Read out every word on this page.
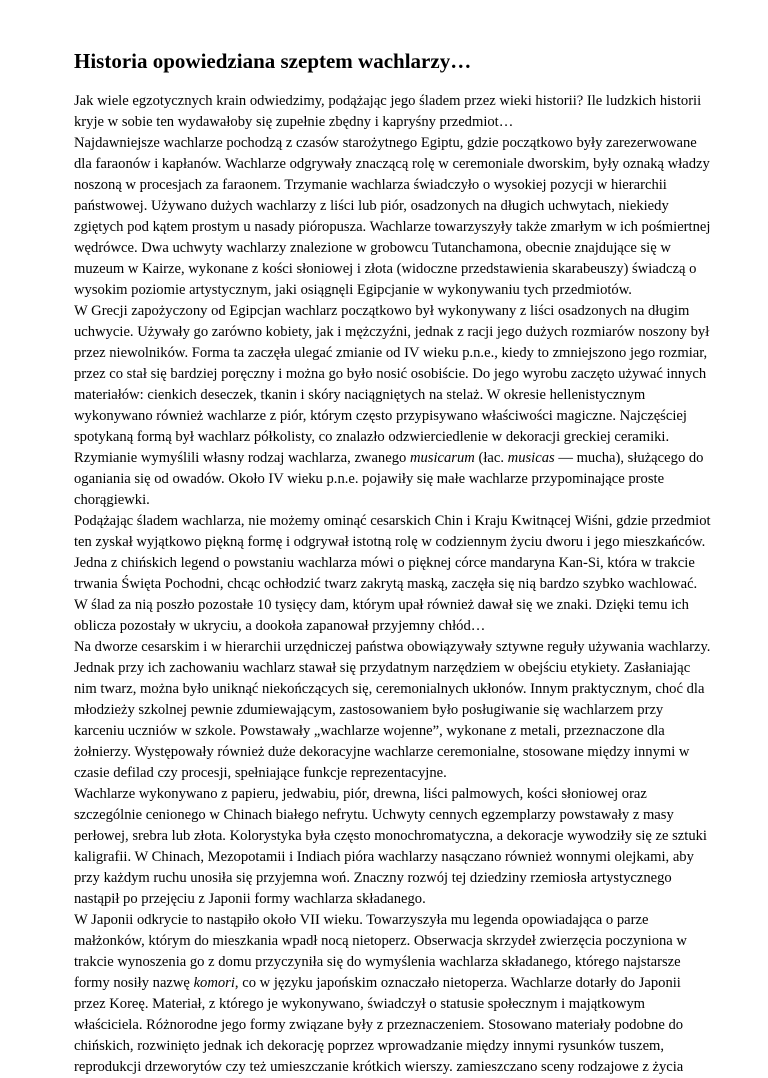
Historia opowiedziana szeptem wachlarzy…

Jak wiele egzotycznych krain odwiedzimy, podążając jego śladem przez wieki historii? Ile ludzkich historii kryje w sobie ten wydawałoby się zupełnie zbędny i kapryśny przedmiot…

Najdawniejsze wachlarze pochodzą z czasów starożytnego Egiptu, gdzie początkowo były zarezerwowane dla faraonów i kapłanów. Wachlarze odgrywały znaczącą rolę w ceremoniale dworskim, były oznaką władzy noszoną w procesjach za faraonem. Trzymanie wachlarza świadczyło o wysokiej pozycji w hierarchii państwowej. Używano dużych wachlarzy z liści lub piór, osadzonych na długich uchwytach, niekiedy zgiętych pod kątem prostym u nasady pióropusza. Wachlarze towarzyszyły także zmarłym w ich pośmiertnej wędrówce. Dwa uchwyty wachlarzy znalezione w grobowcu Tutanchamona, obecnie znajdujące się w muzeum w Kairze, wykonane z kości słoniowej i złota (widoczne przedstawienia skarabeuszy) świadczą o wysokim poziomie artystycznym, jaki osiągnęli Egipcjanie w wykonywaniu tych przedmiotów.

W Grecji zapożyczony od Egipcjan wachlarz początkowo był wykonywany z liści osadzonych na długim uchwycie. Używały go zarówno kobiety, jak i mężczyźni, jednak z racji jego dużych rozmiarów noszony był przez niewolników. Forma ta zaczęła ulegać zmianie od IV wieku p.n.e., kiedy to zmniejszono jego rozmiar, przez co stał się bardziej poręczny i można go było nosić osobiście. Do jego wyrobu zaczęto używać innych materiałów: cienkich deseczek, tkanin i skóry naciągniętych na stelaż. W okresie hellenistycznym wykonywano również wachlarze z piór, którym często przypisywano właściwości magiczne. Najczęściej spotykaną formą był wachlarz półkolisty, co znalazło odzwierciedlenie w dekoracji greckiej ceramiki.

Rzymianie wymyślili własny rodzaj wachlarza, zwanego musicarum (łac. musicas — mucha), służącego do oganiania się od owadów. Około IV wieku p.n.e. pojawiły się małe wachlarze przypominające proste chorągiewki.

Podążając śladem wachlarza, nie możemy ominąć cesarskich Chin i Kraju Kwitnącej Wiśni, gdzie przedmiot ten zyskał wyjątkowo piękną formę i odgrywał istotną rolę w codziennym życiu dworu i jego mieszkańców.

Jedna z chińskich legend o powstaniu wachlarza mówi o pięknej córce mandaryna Kan-Si, która w trakcie trwania Święta Pochodni, chcąc ochłodzić twarz zakrytą maską, zaczęła się nią bardzo szybko wachlować. W ślad za nią poszło pozostałe 10 tysięcy dam, którym upał również dawał się we znaki. Dzięki temu ich oblicza pozostały w ukryciu, a dookoła zapanował przyjemny chłód…

Na dworze cesarskim i w hierarchii urzędniczej państwa obowiązywały sztywne reguły używania wachlarzy. Jednak przy ich zachowaniu wachlarz stawał się przydatnym narzędziem w obejściu etykiety. Zasłaniając nim twarz, można było uniknąć niekończących się, ceremonialnych ukłonów. Innym praktycznym, choć dla młodzieży szkolnej pewnie zdumiewającym, zastosowaniem było posługiwanie się wachlarzem przy karceniu uczniów w szkole. Powstawały „wachlarze wojenne”, wykonane z metali, przeznaczone dla żołnierzy. Występowały również duże dekoracyjne wachlarze ceremonialne, stosowane między innymi w czasie defilad czy procesji, spełniające funkcje reprezentacyjne.

Wachlarze wykonywano z papieru, jedwabiu, piór, drewna, liści palmowych, kości słoniowej oraz szczególnie cenionego w Chinach białego nefrytu. Uchwyty cennych egzemplarzy powstawały z masy perłowej, srebra lub złota. Kolorystyka była często monochromatyczna, a dekoracje wywodziły się ze sztuki kaligrafii. W Chinach, Mezopotamii i Indiach pióra wachlarzy nasączano również wonnymi olejkami, aby przy każdym ruchu unosiła się przyjemna woń. Znaczny rozwój tej dziedziny rzemiosła artystycznego nastąpił po przejęciu z Japonii formy wachlarza składanego.

W Japonii odkrycie to nastąpiło około VII wieku. Towarzyszyła mu legenda opowiadająca o parze małżonków, którym do mieszkania wpadł nocą nietoperz. Obserwacja skrzydeł zwierzęcia poczyniona w trakcie wynoszenia go z domu przyczyniła się do wymyślenia wachlarza składanego, którego najstarsze formy nosiły nazwę komori, co w języku japońskim oznaczało nietoperza. Wachlarze dotarły do Japonii przez Koreę. Materiał, z którego je wykonywano, świadczył o statusie społecznym i majątkowym właściciela. Różnorodne jego formy związane były z przeznaczeniem. Stosowano materiały podobne do chińskich, rozwinięto jednak ich dekorację poprzez wprowadzanie między innymi rysunków tuszem, reprodukcji drzeworytów czy też umieszczanie krótkich wierszy. zamieszczano sceny rodzajowe z życia
